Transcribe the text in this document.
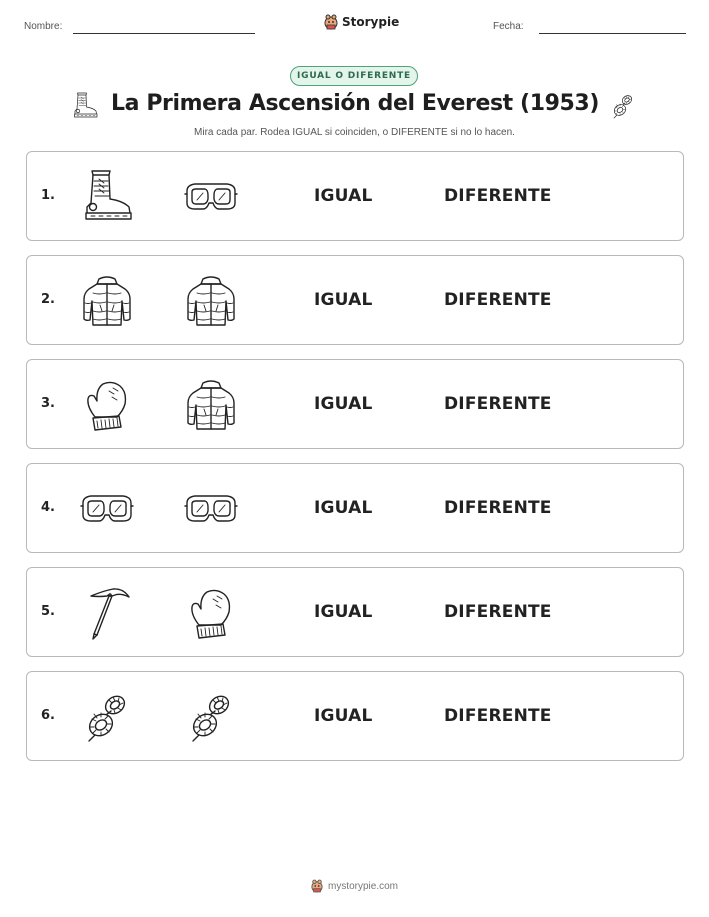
Nombre:	Storypie	Fecha:
IGUAL O DIFERENTE
La Primera Ascensión del Everest (1953)
Mira cada par. Rodea IGUAL si coinciden, o DIFERENTE si no lo hacen.
1.	IGUAL	DIFERENTE
2.	IGUAL	DIFERENTE
3.	IGUAL	DIFERENTE
4.	IGUAL	DIFERENTE
5.	IGUAL	DIFERENTE
6.	IGUAL	DIFERENTE
mystorypie.com
